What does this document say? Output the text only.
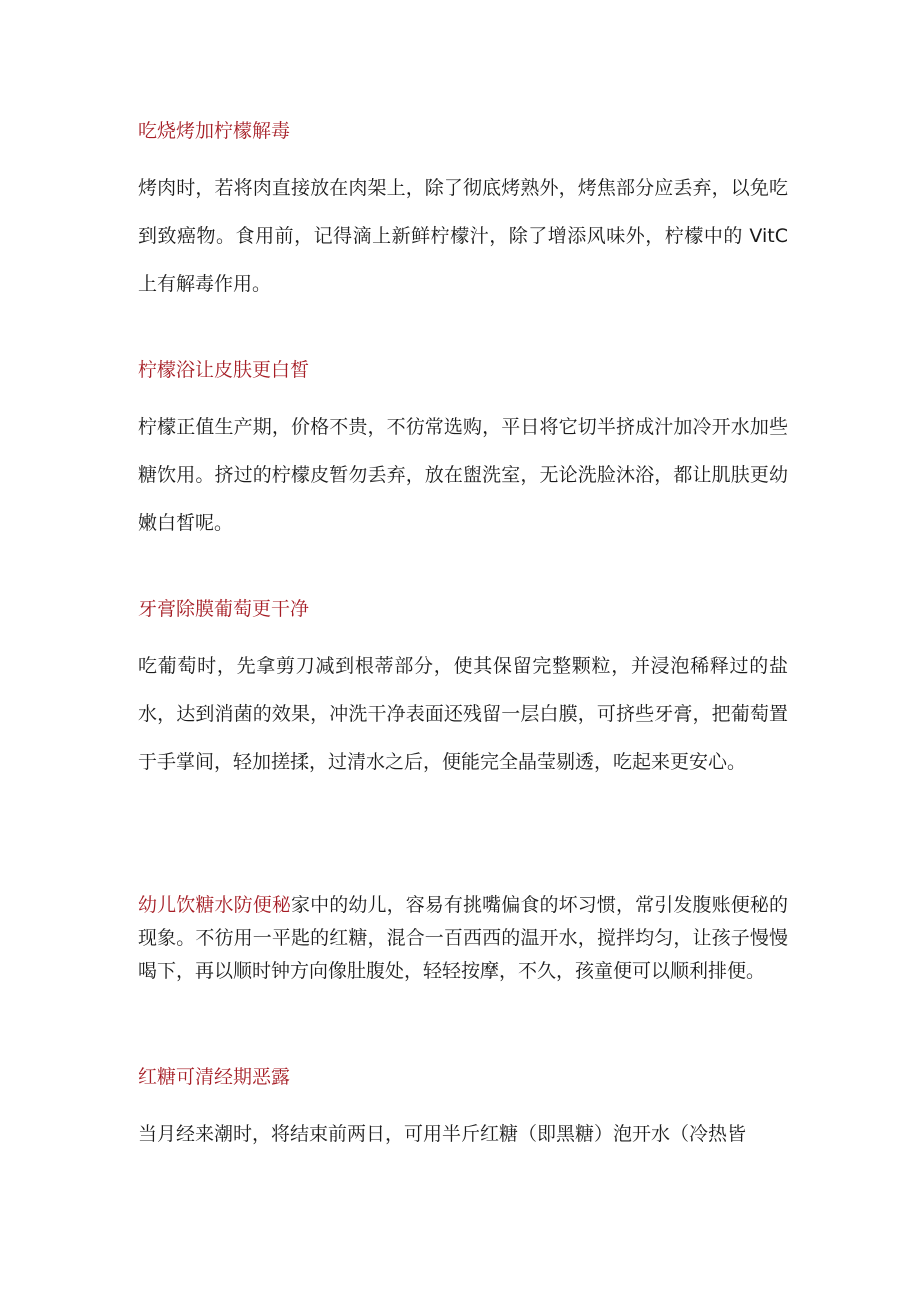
吃烧烤加柠檬解毒
烤肉时，若将肉直接放在肉架上，除了彻底烤熟外，烤焦部分应丢弃，以免吃到致癌物。食用前，记得滴上新鲜柠檬汁，除了增添风味外，柠檬中的 VitC 上有解毒作用。
柠檬浴让皮肤更白皙
柠檬正值生产期，价格不贵，不彷常选购，平日将它切半挤成汁加冷开水加些糖饮用。挤过的柠檬皮暂勿丢弃，放在盥洗室，无论洗脸沐浴，都让肌肤更幼嫩白皙呢。
牙膏除膜葡萄更干净
吃葡萄时，先拿剪刀减到根蒂部分，使其保留完整颗粒，并浸泡稀释过的盐水，达到消菌的效果，冲洗干净表面还残留一层白膜，可挤些牙膏，把葡萄置于手掌间，轻加搓揉，过清水之后，便能完全晶莹剔透，吃起来更安心。
幼儿饮糖水防便秘家中的幼儿，容易有挑嘴偏食的坏习惯，常引发腹账便秘的现象。不彷用一平匙的红糖，混合一百西西的温开水，搅拌均匀，让孩子慢慢喝下，再以顺时钟方向像肚腹处，轻轻按摩，不久，孩童便可以顺利排便。
红糖可清经期恶露
当月经来潮时，将结束前两日，可用半斤红糖（即黑糖）泡开水（冷热皆
